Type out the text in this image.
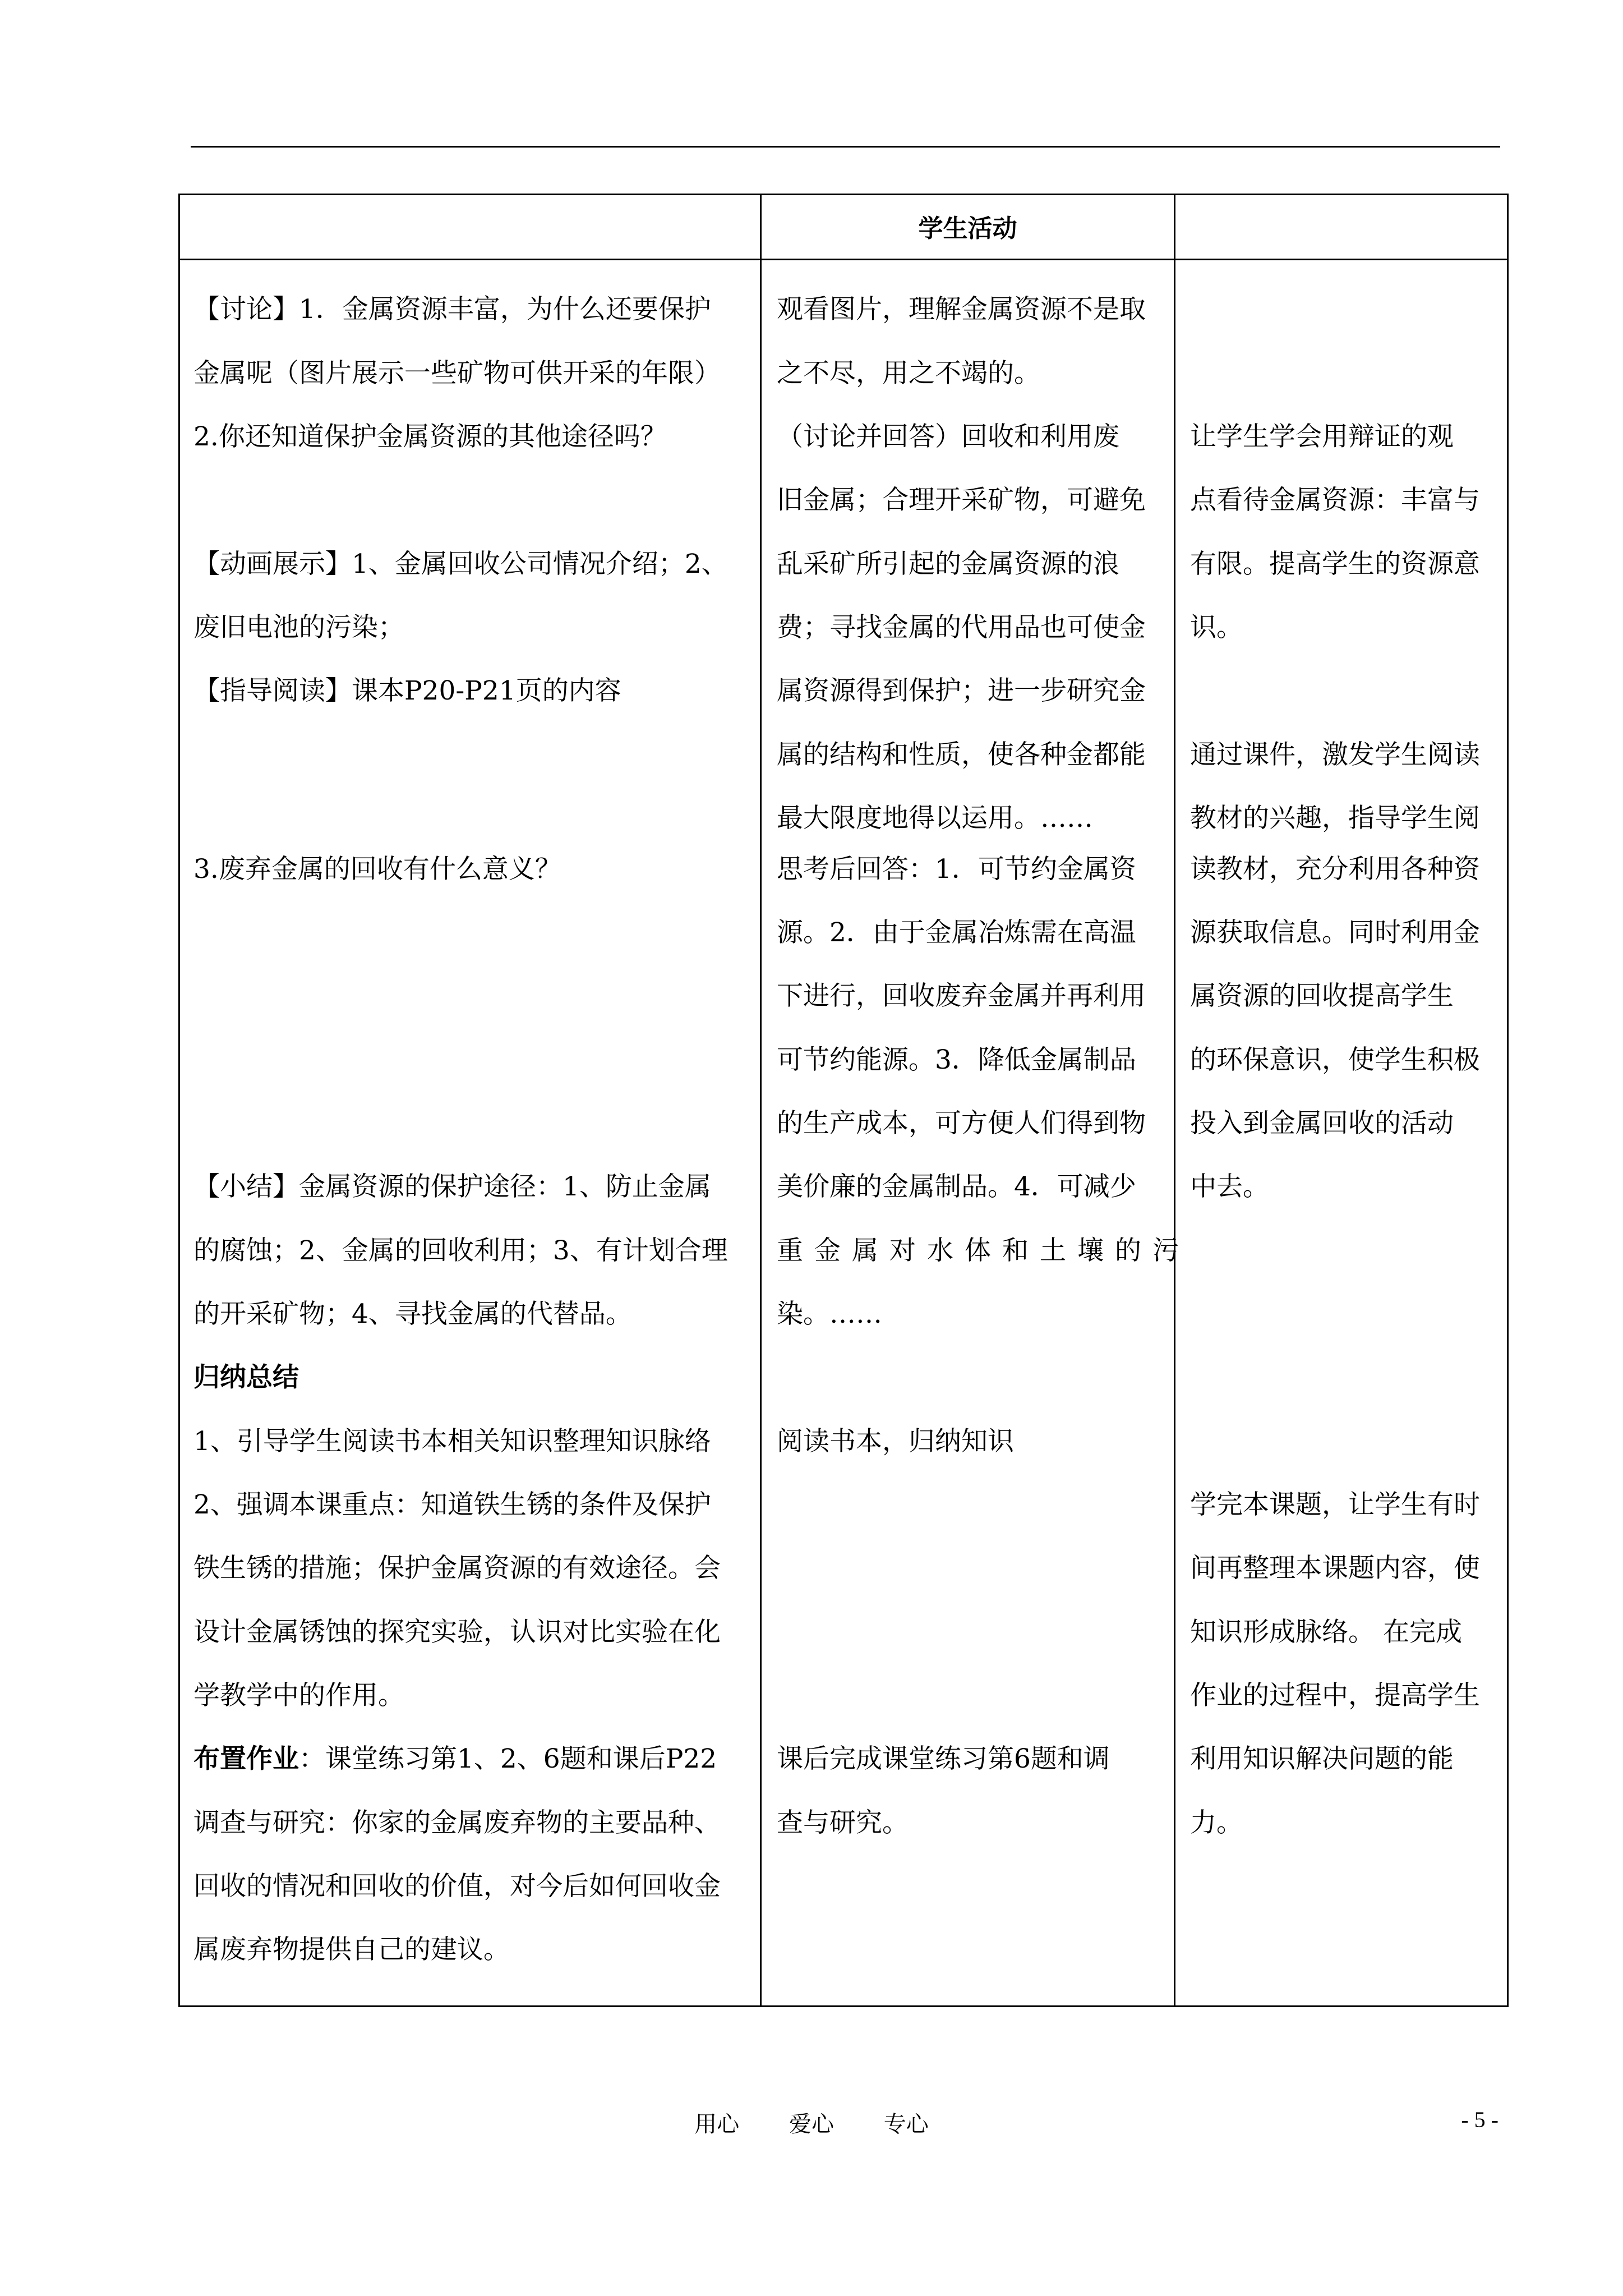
学生活动
【讨论】1．金属资源丰富，为什么还要保护
金属呢（图片展示一些矿物可供开采的年限）
2.你还知道保护金属资源的其他途径吗？
【动画展示】1、金属回收公司情况介绍；2、
废旧电池的污染；
【指导阅读】课本P20-P21页的内容
3.废弃金属的回收有什么意义？
【小结】金属资源的保护途径：1、防止金属
的腐蚀；2、金属的回收利用；3、有计划合理
的开采矿物；4、寻找金属的代替品。
归纳总结
1、引导学生阅读书本相关知识整理知识脉络
2、强调本课重点：知道铁生锈的条件及保护
铁生锈的措施；保护金属资源的有效途径。会
设计金属锈蚀的探究实验，认识对比实验在化
学教学中的作用。
布置作业：课堂练习第1、2、6题和课后P22
调查与研究：你家的金属废弃物的主要品种、
回收的情况和回收的价值，对今后如何回收金
属废弃物提供自己的建议。
观看图片，理解金属资源不是取
之不尽，用之不竭的。
（讨论并回答）回收和利用废
旧金属；合理开采矿物，可避免
乱采矿所引起的金属资源的浪
费；寻找金属的代用品也可使金
属资源得到保护；进一步研究金
属的结构和性质，使各种金都能
最大限度地得以运用。……
思考后回答：1．可节约金属资
源。2．由于金属冶炼需在高温
下进行，回收废弃金属并再利用
可节约能源。3．降低金属制品
的生产成本，可方便人们得到物
美价廉的金属制品。4．可减少
重金属对水体和土壤的污
染。……
阅读书本，归纳知识
课后完成课堂练习第6题和调
查与研究。
让学生学会用辩证的观
点看待金属资源：丰富与
有限。提高学生的资源意
识。
通过课件，激发学生阅读
教材的兴趣，指导学生阅
读教材，充分利用各种资
源获取信息。同时利用金
属资源的回收提高学生
的环保意识，使学生积极
投入到金属回收的活动
中去。
学完本课题，让学生有时
间再整理本课题内容，使
知识形成脉络。 在完成
作业的过程中，提高学生
利用知识解决问题的能
力。
用心 爱心 专心	- 5 -
